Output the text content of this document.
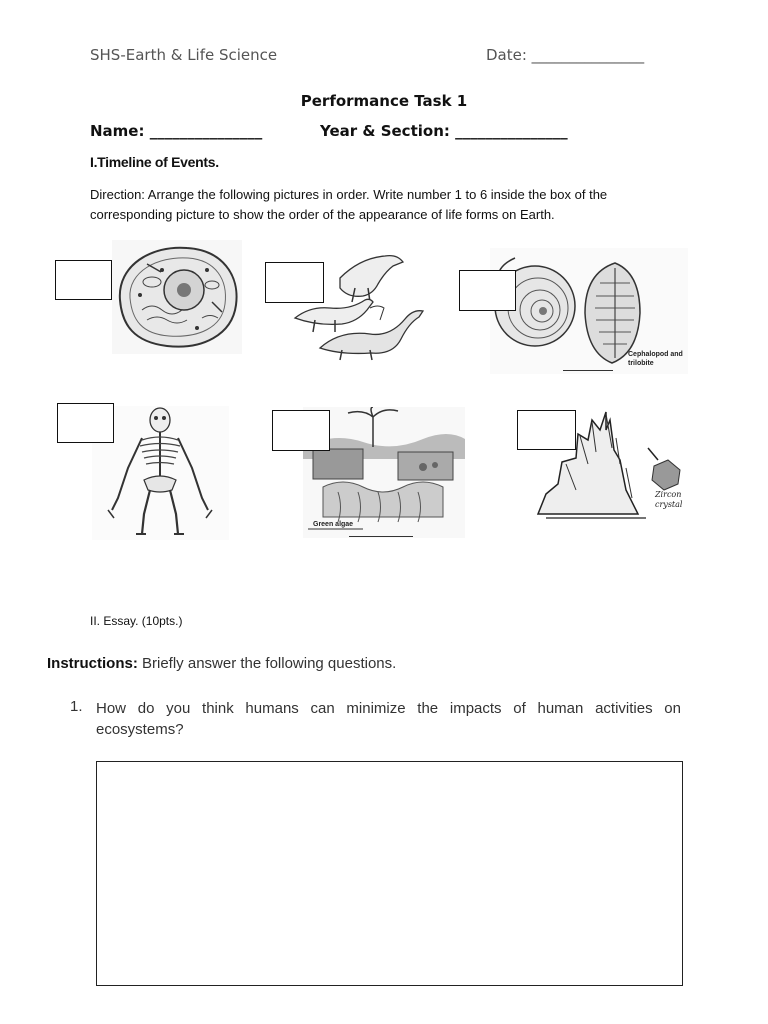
SHS-Earth & Life Science	Date: _______________
Performance Task 1
Name: _______________	Year & Section: _______________
I.Timeline of Events.
Direction: Arrange the following pictures in order. Write number 1 to 6 inside the box of the corresponding picture to show the order of the appearance of life forms on Earth.
Cephalopod and trilobite
Green algae
Zircon crystal
II. Essay. (10pts.)
Instructions: Briefly answer the following questions.
1. How do you think humans can minimize the impacts of human activities on ecosystems?
